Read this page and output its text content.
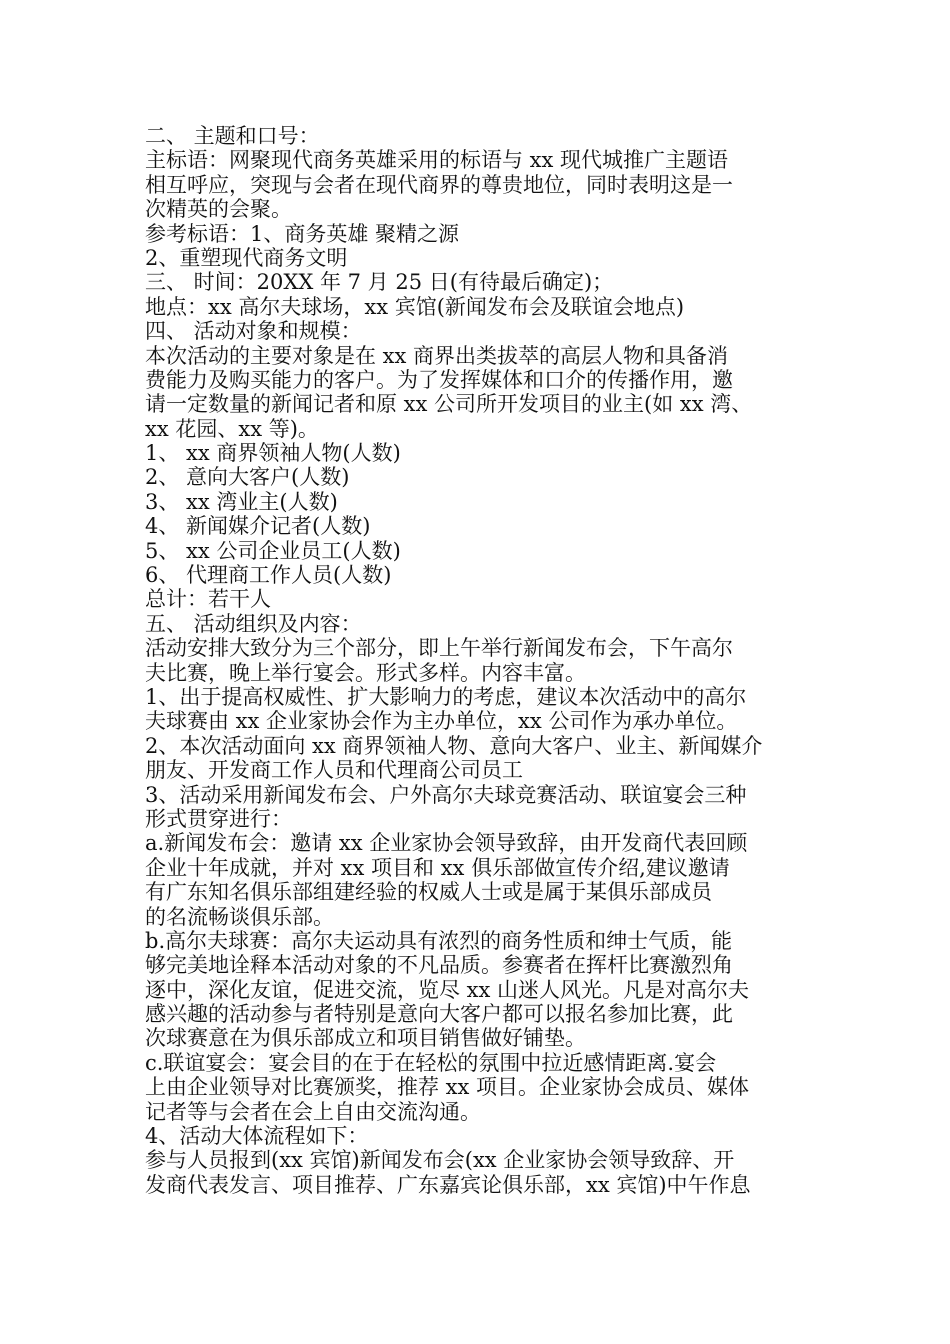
二、 主题和口号：
主标语：网聚现代商务英雄采用的标语与 xx 现代城推广主题语
相互呼应，突现与会者在现代商界的尊贵地位，同时表明这是一
次精英的会聚。
参考标语：1、商务英雄 聚精之源
2、重塑现代商务文明
三、 时间：20XX 年 7 月 25 日(有待最后确定)；
地点：xx 高尔夫球场，xx 宾馆(新闻发布会及联谊会地点)
四、 活动对象和规模：
本次活动的主要对象是在 xx 商界出类拔萃的高层人物和具备消
费能力及购买能力的客户。为了发挥媒体和口介的传播作用，邀
请一定数量的新闻记者和原 xx 公司所开发项目的业主(如 xx 湾、
xx 花园、xx 等)。
1、 xx 商界领袖人物(人数)
2、 意向大客户(人数)
3、 xx 湾业主(人数)
4、 新闻媒介记者(人数)
5、 xx 公司企业员工(人数)
6、 代理商工作人员(人数)
总计：若干人
五、 活动组织及内容：
活动安排大致分为三个部分，即上午举行新闻发布会，下午高尔
夫比赛，晚上举行宴会。形式多样。内容丰富。
1、出于提高权威性、扩大影响力的考虑，建议本次活动中的高尔
夫球赛由 xx 企业家协会作为主办单位，xx 公司作为承办单位。
2、本次活动面向 xx 商界领袖人物、意向大客户、业主、新闻媒介
朋友、开发商工作人员和代理商公司员工
3、活动采用新闻发布会、户外高尔夫球竞赛活动、联谊宴会三种
形式贯穿进行：
a.新闻发布会：邀请 xx 企业家协会领导致辞，由开发商代表回顾
企业十年成就，并对 xx 项目和 xx 俱乐部做宣传介绍,建议邀请
有广东知名俱乐部组建经验的权威人士或是属于某俱乐部成员
的名流畅谈俱乐部。
b.高尔夫球赛：高尔夫运动具有浓烈的商务性质和绅士气质，能
够完美地诠释本活动对象的不凡品质。参赛者在挥杆比赛激烈角
逐中，深化友谊，促进交流，览尽 xx 山迷人风光。凡是对高尔夫
感兴趣的活动参与者特别是意向大客户都可以报名参加比赛，此
次球赛意在为俱乐部成立和项目销售做好铺垫。
c.联谊宴会：宴会目的在于在轻松的氛围中拉近感情距离.宴会
上由企业领导对比赛颁奖，推荐 xx 项目。企业家协会成员、媒体
记者等与会者在会上自由交流沟通。
4、活动大体流程如下：
参与人员报到(xx 宾馆)新闻发布会(xx 企业家协会领导致辞、开
发商代表发言、项目推荐、广东嘉宾论俱乐部，xx 宾馆)中午作息
